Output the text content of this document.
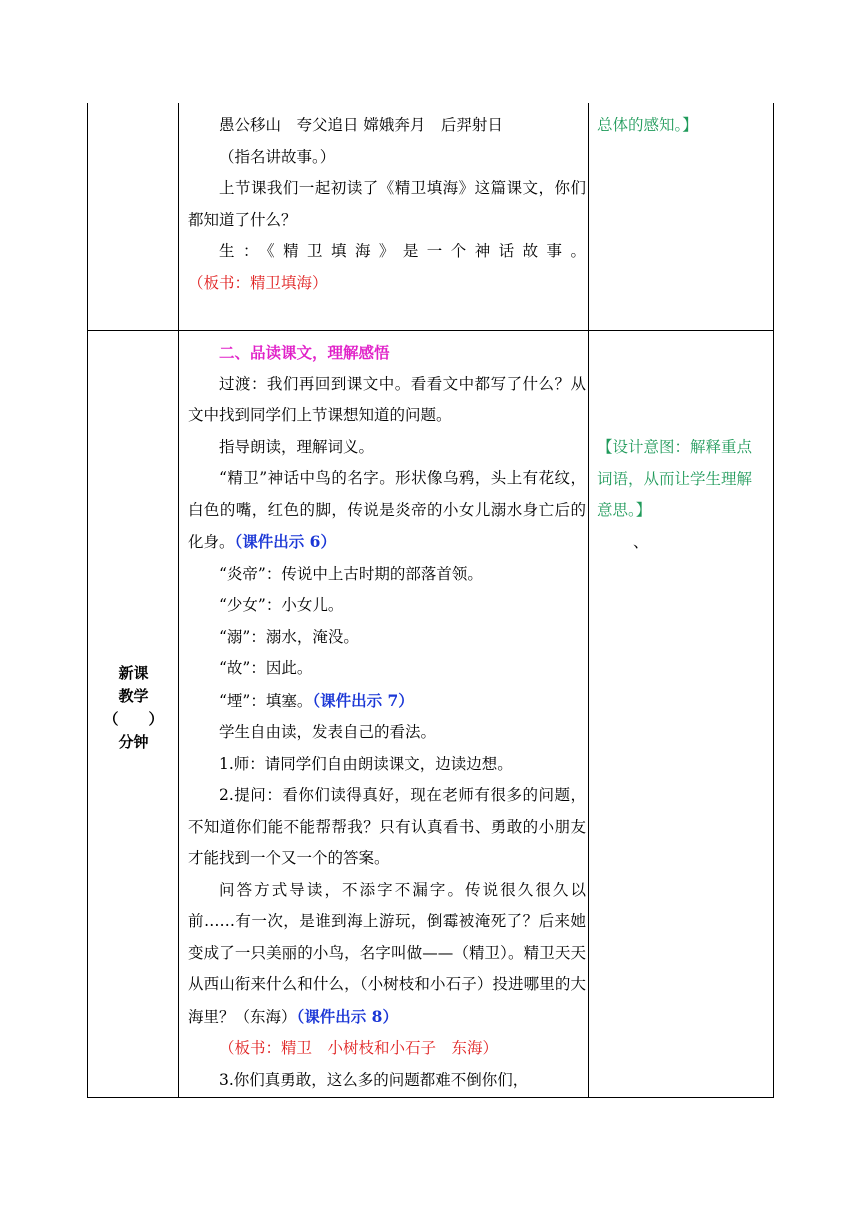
愚公移山　夸父追日 嫦娥奔月　后羿射日

（指名讲故事。）

上节课我们一起初读了《精卫填海》这篇课文，你们都知道了什么？

生：《精卫填海》是一个神话故事。（板书：精卫填海）

总体的感知。】

新课
教学
（　　）
分钟

二、品读课文，理解感悟

过渡：我们再回到课文中。看看文中都写了什么？从文中找到同学们上节课想知道的问题。

指导朗读，理解词义。

“精卫”神话中鸟的名字。形状像乌鸦，头上有花纹，白色的嘴，红色的脚，传说是炎帝的小女儿溺水身亡后的化身。（课件出示 6）

“炎帝”：传说中上古时期的部落首领。

“少女”：小女儿。

“溺”：溺水，淹没。

“故”：因此。

“堙”：填塞。（课件出示 7）

学生自由读，发表自己的看法。

1.师：请同学们自由朗读课文，边读边想。

2.提问：看你们读得真好，现在老师有很多的问题，不知道你们能不能帮帮我？只有认真看书、勇敢的小朋友才能找到一个又一个的答案。

问答方式导读，不添字不漏字。传说很久很久以前……有一次，是谁到海上游玩，倒霉被淹死了？后来她变成了一只美丽的小鸟，名字叫做——（精卫）。精卫天天从西山衔来什么和什么，（小树枝和小石子）投进哪里的大海里？（东海）（课件出示 8）

（板书：精卫　小树枝和小石子　东海）

3.你们真勇敢，这么多的问题都难不倒你们，

【设计意图：解释重点

词语，从而让学生理解

意思。】

、
